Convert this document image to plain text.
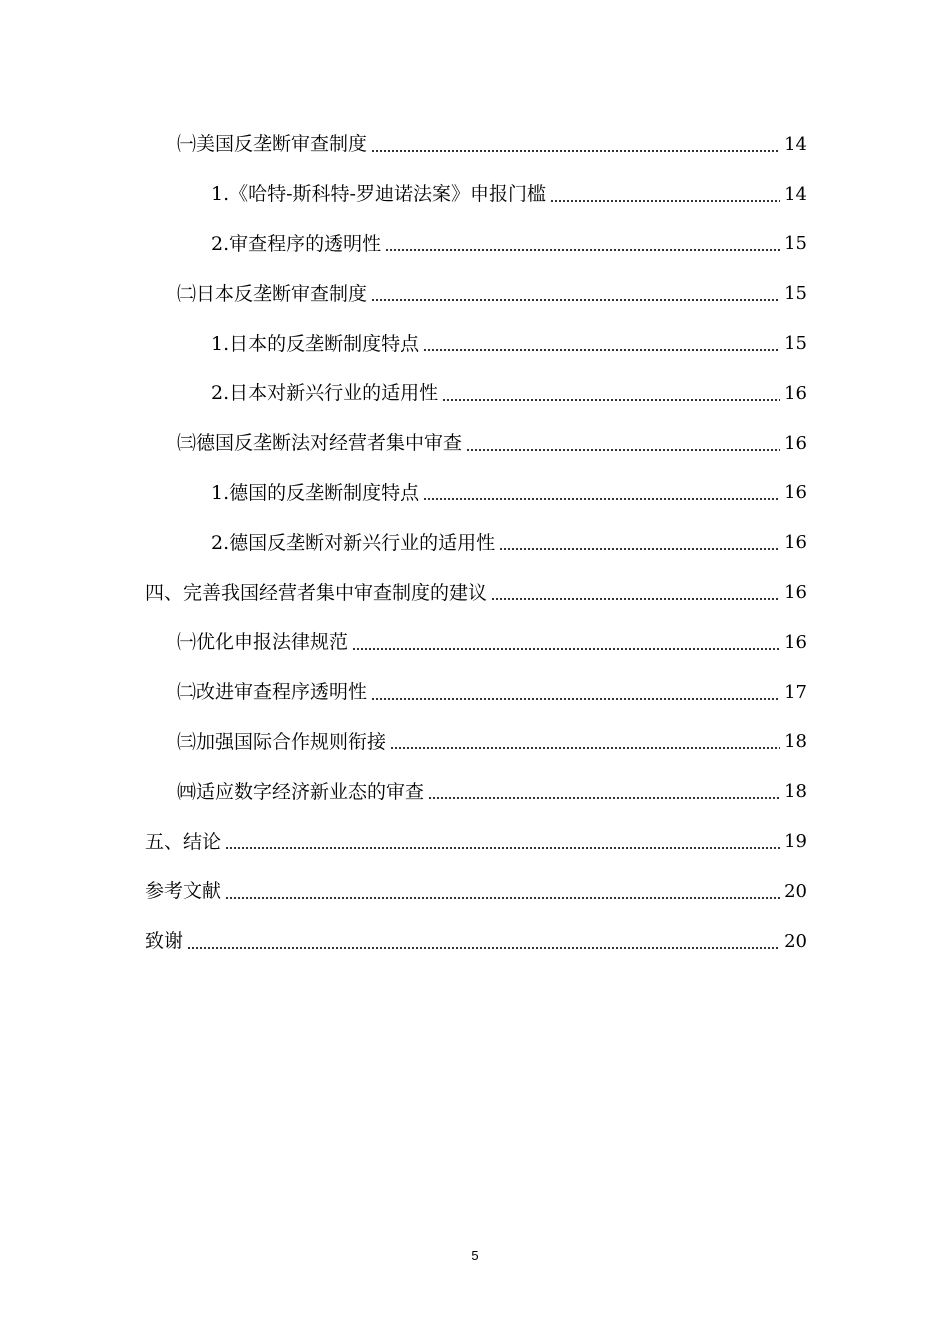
㈠美国反垄断审查制度	14
1.《哈特-斯科特-罗迪诺法案》申报门槛	14
2.审查程序的透明性	15
㈡日本反垄断审查制度	15
1.日本的反垄断制度特点	15
2.日本对新兴行业的适用性	16
㈢德国反垄断法对经营者集中审查	16
1.德国的反垄断制度特点	16
2.德国反垄断对新兴行业的适用性	16
四、完善我国经营者集中审查制度的建议	16
㈠优化申报法律规范	16
㈡改进审查程序透明性	17
㈢加强国际合作规则衔接	18
㈣适应数字经济新业态的审查	18
五、结论	19
参考文献	20
致谢	20
5
